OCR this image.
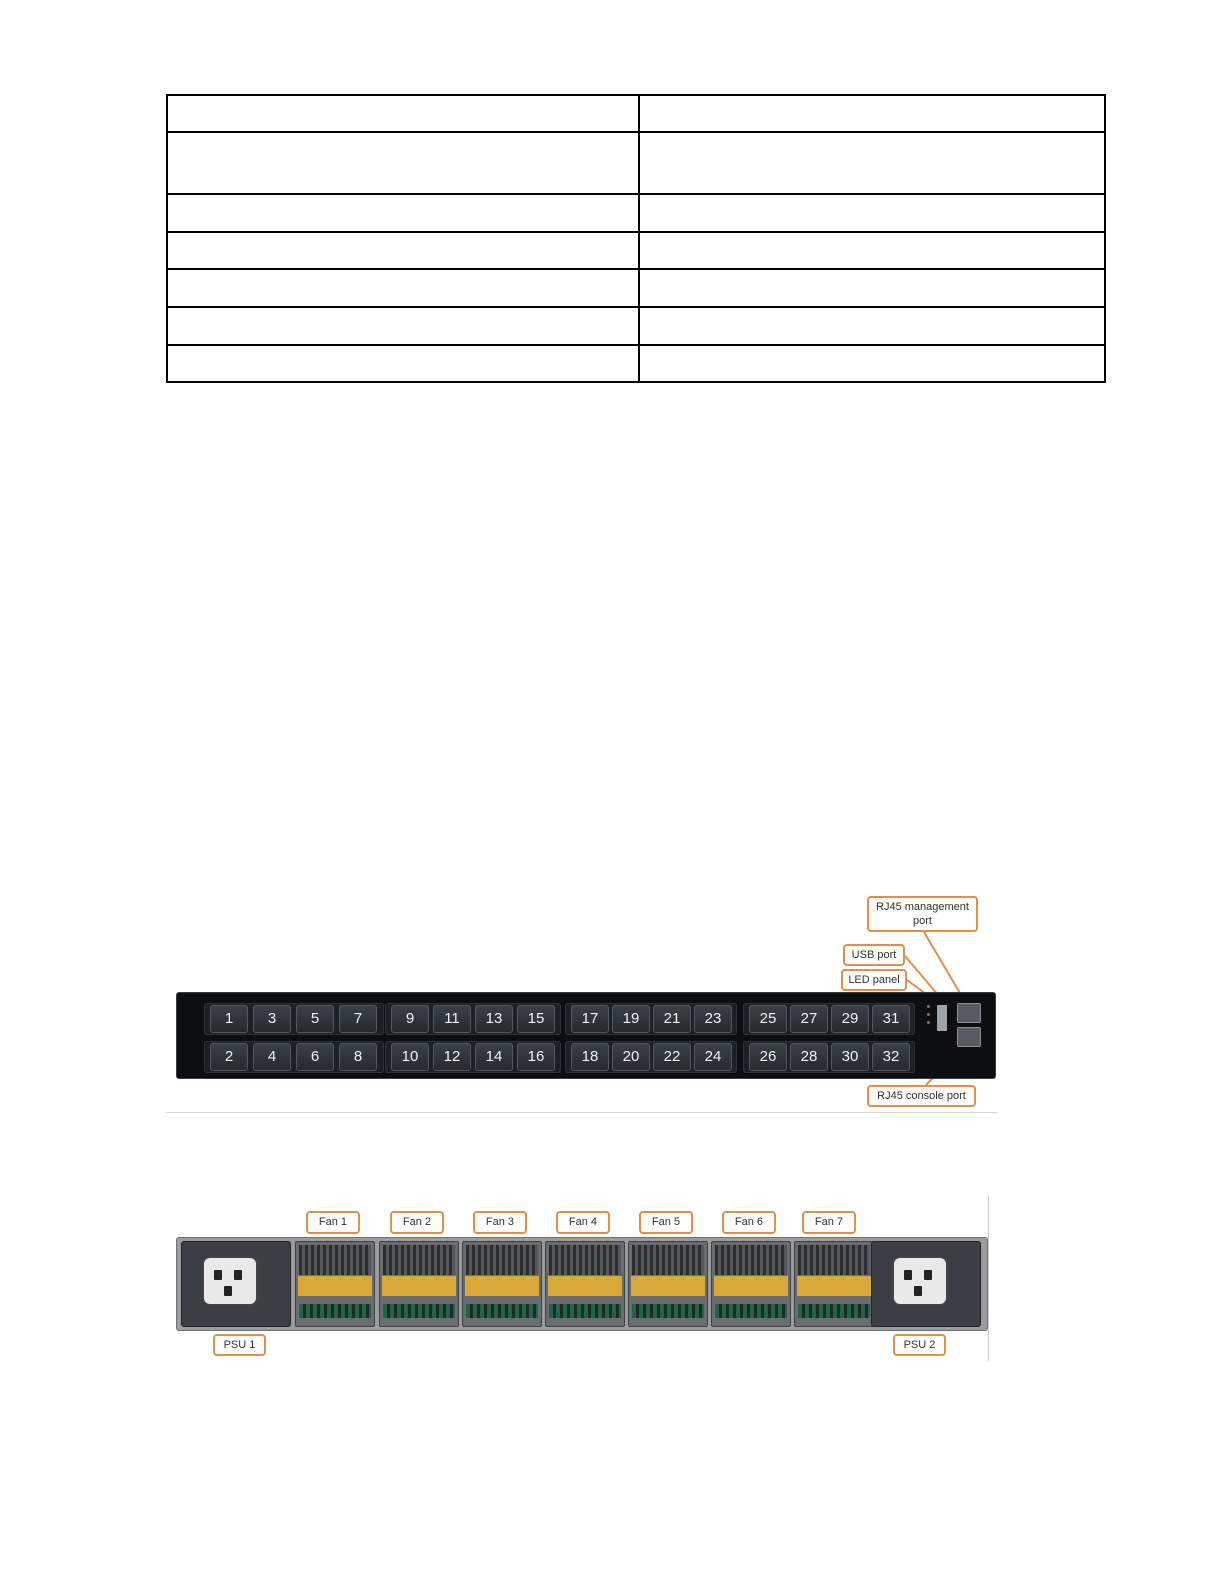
RJ45 management port
USB port
LED panel
RJ45 console port
1	3	5	7
2	4	6	8
9	11	13	15
10	12	14	16
17	19	21	23
18	20	22	24
25	27	29	31
26	28	30	32
Fan 1	Fan 2	Fan 3	Fan 4	Fan 5	Fan 6	Fan 7
PSU 1	PSU 2
